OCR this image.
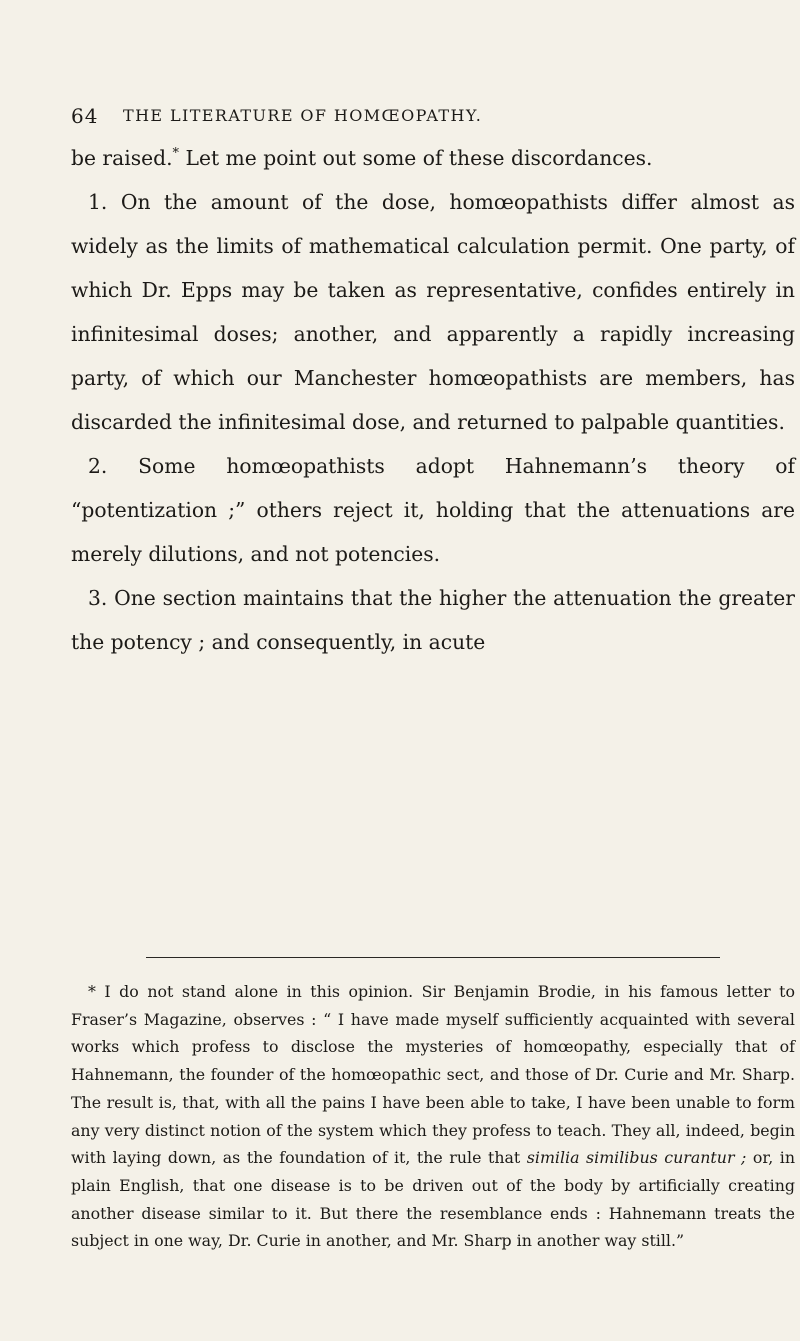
64 THE LITERATURE OF HOMŒOPATHY.

be raised.* Let me point out some of these discordances.

1. On the amount of the dose, homœopathists differ almost as widely as the limits of mathematical calculation permit. One party, of which Dr. Epps may be taken as representative, confides entirely in infinitesimal doses; another, and apparently a rapidly increasing party, of which our Manchester homœopathists are members, has discarded the infinitesimal dose, and returned to palpable quantities.

2. Some homœopathists adopt Hahnemann’s theory of “potentization ;” others reject it, holding that the attenuations are merely dilutions, and not potencies.

3. One section maintains that the higher the attenuation the greater the potency ; and consequently, in acute

* I do not stand alone in this opinion. Sir Benjamin Brodie, in his famous letter to Fraser’s Magazine, observes : “ I have made myself sufficiently acquainted with several works which profess to disclose the mysteries of homœopathy, especially that of Hahnemann, the founder of the homœopathic sect, and those of Dr. Curie and Mr. Sharp. The result is, that, with all the pains I have been able to take, I have been unable to form any very distinct notion of the system which they profess to teach. They all, indeed, begin with laying down, as the foundation of it, the rule that similia similibus curantur ; or, in plain English, that one disease is to be driven out of the body by artificially creating another disease similar to it. But there the resemblance ends : Hahnemann treats the subject in one way, Dr. Curie in another, and Mr. Sharp in another way still.”
